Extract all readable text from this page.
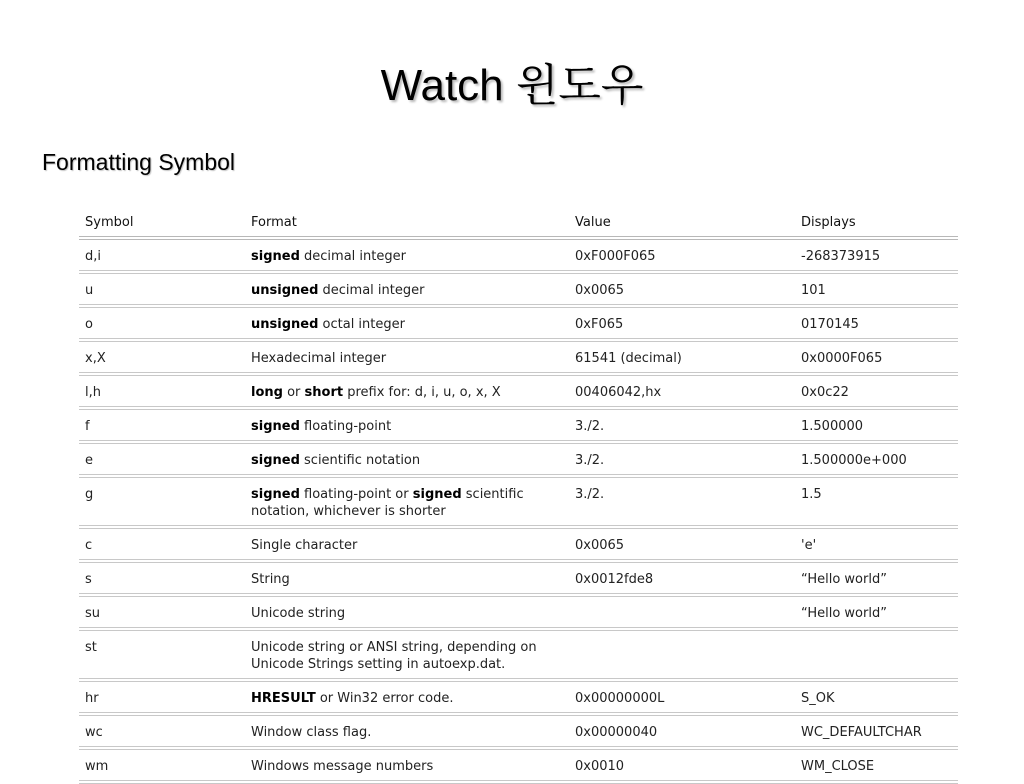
Watch 윈도우
Formatting Symbol
Symbol	Format	Value	Displays
d,i	signed decimal integer	0xF000F065	-268373915
u	unsigned decimal integer	0x0065	101
o	unsigned octal integer	0xF065	0170145
x,X	Hexadecimal integer	61541 (decimal)	0x0000F065
l,h	long or short prefix for: d, i, u, o, x, X	00406042,hx	0x0c22
f	signed floating-point	3./2.	1.500000
e	signed scientific notation	3./2.	1.500000e+000
g	signed floating-point or signed scientific notation, whichever is shorter	3./2.	1.5
c	Single character	0x0065	'e'
s	String	0x0012fde8	“Hello world”
su	Unicode string		“Hello world”
st	Unicode string or ANSI string, depending on Unicode Strings setting in autoexp.dat.		
hr	HRESULT or Win32 error code.	0x00000000L	S_OK
wc	Window class flag.	0x00000040	WC_DEFAULTCHAR
wm	Windows message numbers	0x0010	WM_CLOSE
